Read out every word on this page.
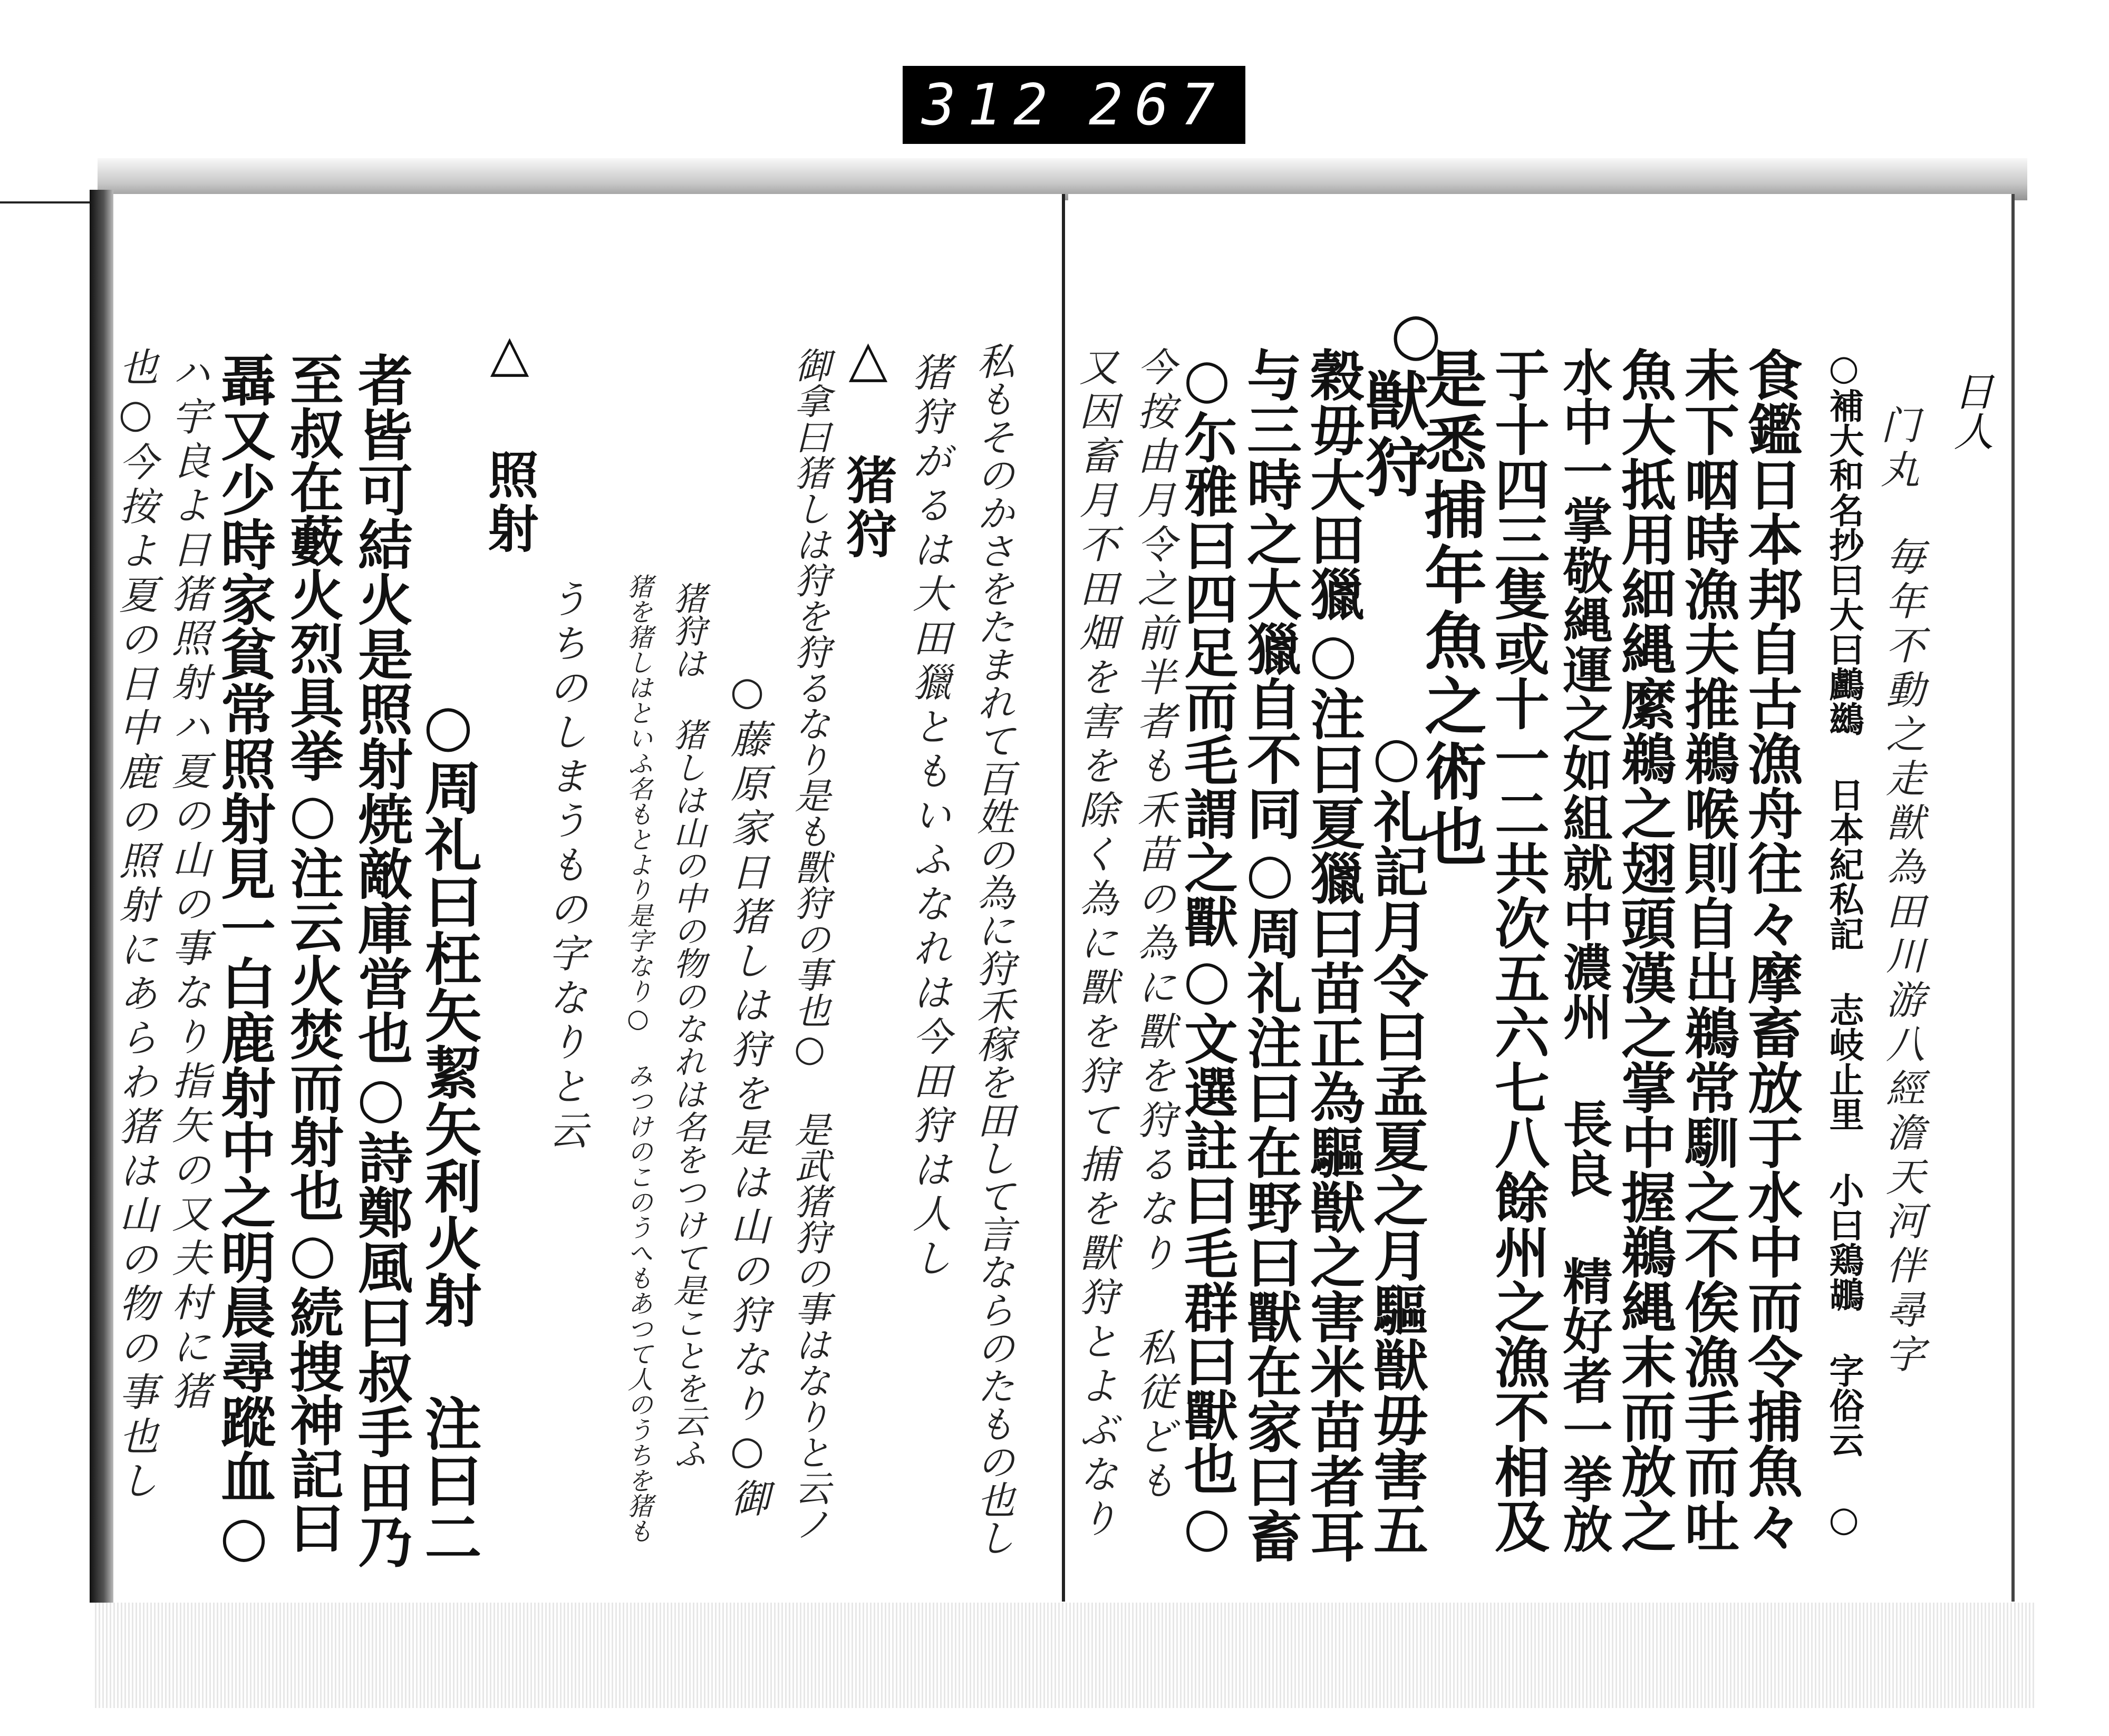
312 267
私もそのかさをたまれて百姓の為に狩禾稼を田して言ならのたもの也し
猪狩がるは大田獵ともいふなれは今田狩は人し
△ 猪狩
御拿曰猪しは狩を狩るなり是も獸狩の事也○ 是武猪狩の事はなりと云ノ
○藤原家日猪しは狩を是は山の狩なり○御
猪狩は 猪しは山の中の物のなれは名をつけて是ことを云ふ
猪を猪しはといふ名もとより是字なり○ みつけのこのうへもあつて人のうちを猪も
うちのしまうもの字なりと云
△ 照射
○周礼曰枉矢絜矢利火射 注曰二
者皆可結火是照射焼敵庫営也○詩鄭風曰叔手田乃
至叔在藪火烈具挙○注云火焚而射也○続捜神記曰
聶又少時家貧常照射見一白鹿射中之明晨尋蹤血○
ハ宇良よ日猪照射ハ夏の山の事なり指矢の又夫村に猪
也○今按よ夏の日中鹿の照射にあらわ猪は山の物の事也し	日人
毎年不動之走獣為田川游八經澹天河伴尋字
门丸
○補大和名抄曰大曰鸕鷀 日本紀私記 志岐止里 小曰鶏鶘 字俗云 ○
食鑑日本邦自古漁舟往々摩畜放于水中而令捕魚々
未下咽時漁夫推鵜喉則自出鵜常馴之不俟漁手而吐
魚大抵用細縄縻鵜之翅頭漢之掌中握鵜縄末而放之
水中一掌敬縄運之如組就中濃州 長良 精好者一挙放
于十四三隻或十一二共次五六七八餘州之漁不相及
是悉捕年魚之術也
○
獣狩
○礼記月令曰孟夏之月驅獣毋害五
穀毋大田獵○注曰夏獵曰苗正為驅獣之害米苗者耳
与三時之大獵自不同○周礼注曰在野曰獸在家曰畜
○尓雅曰四足而毛謂之獸○文選註曰毛群曰獸也○
今按由月令之前半者も禾苗の為に獸を狩るなり 私従ども
又因畜月不田畑を害を除く為に獸を狩て捕を獸狩とよぶなり
